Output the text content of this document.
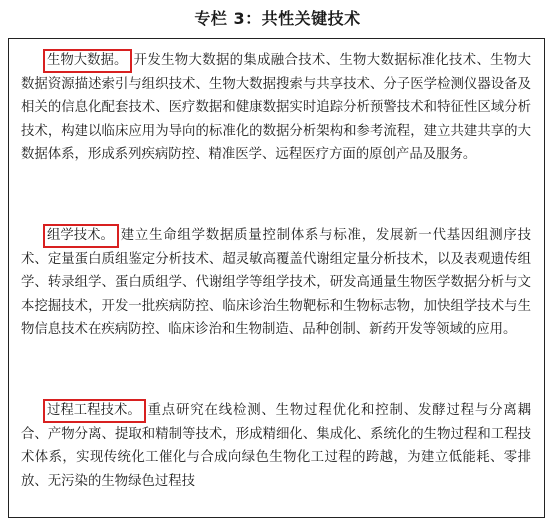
专栏 3：共性关键技术

生物大数据。 开发生物大数据的集成融合技术、生物大数据标准化技术、生物大数据资源描述索引与组织技术、生物大数据搜索与共享技术、分子医学检测仪器设备及相关的信息化配套技术、医疗数据和健康数据实时追踪分析预警技术和特征性区域分析技术，构建以临床应用为导向的标准化的数据分析架构和参考流程，建立共建共享的大数据体系，形成系列疾病防控、精准医学、远程医疗方面的原创产品及服务。

组学技术。 建立生命组学数据质量控制体系与标准，发展新一代基因组测序技术、定量蛋白质组鉴定分析技术、超灵敏高覆盖代谢组定量分析技术，以及表观遗传组学、转录组学、蛋白质组学、代谢组学等组学技术，研发高通量生物医学数据分析与文本挖掘技术，开发一批疾病防控、临床诊治生物靶标和生物标志物，加快组学技术与生物信息技术在疾病防控、临床诊治和生物制造、品种创制、新药开发等领域的应用。

过程工程技术。 重点研究在线检测、生物过程优化和控制、发酵过程与分离耦合、产物分离、提取和精制等技术，形成精细化、集成化、系统化的生物过程和工程技术体系，实现传统化工催化与合成向绿色生物化工过程的跨越，为建立低能耗、零排放、无污染的生物绿色过程技
